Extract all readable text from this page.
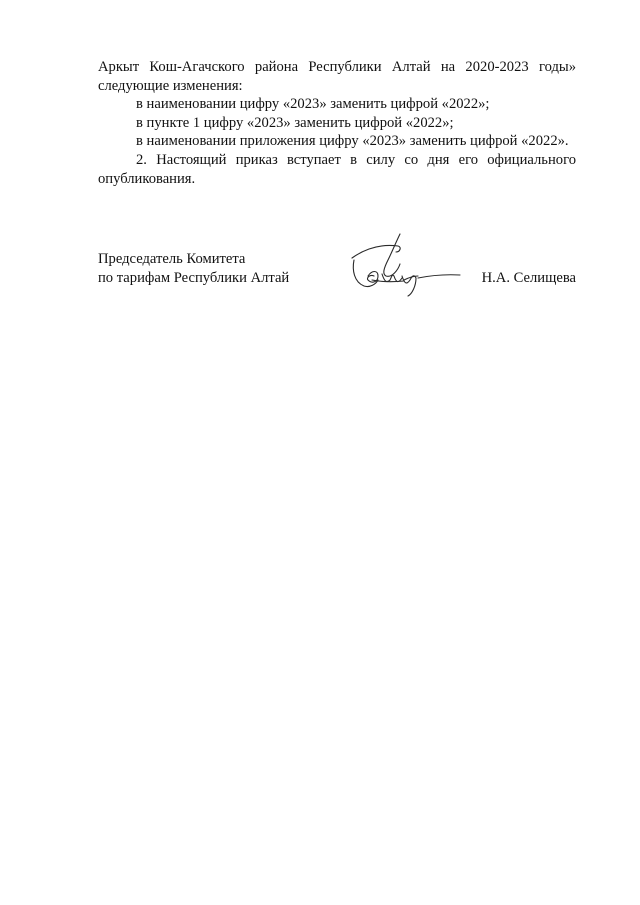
Аркыт Кош-Агачского района Республики Алтай на 2020-2023 годы» следующие изменения:

в наименовании цифру «2023» заменить цифрой «2022»;

в пункте 1 цифру «2023» заменить цифрой «2022»;

в наименовании приложения цифру «2023» заменить цифрой «2022».

2. Настоящий приказ вступает в силу со дня его официального опубликования.

Председатель Комитета
по тарифам Республики Алтай	Н.А. Селищева
